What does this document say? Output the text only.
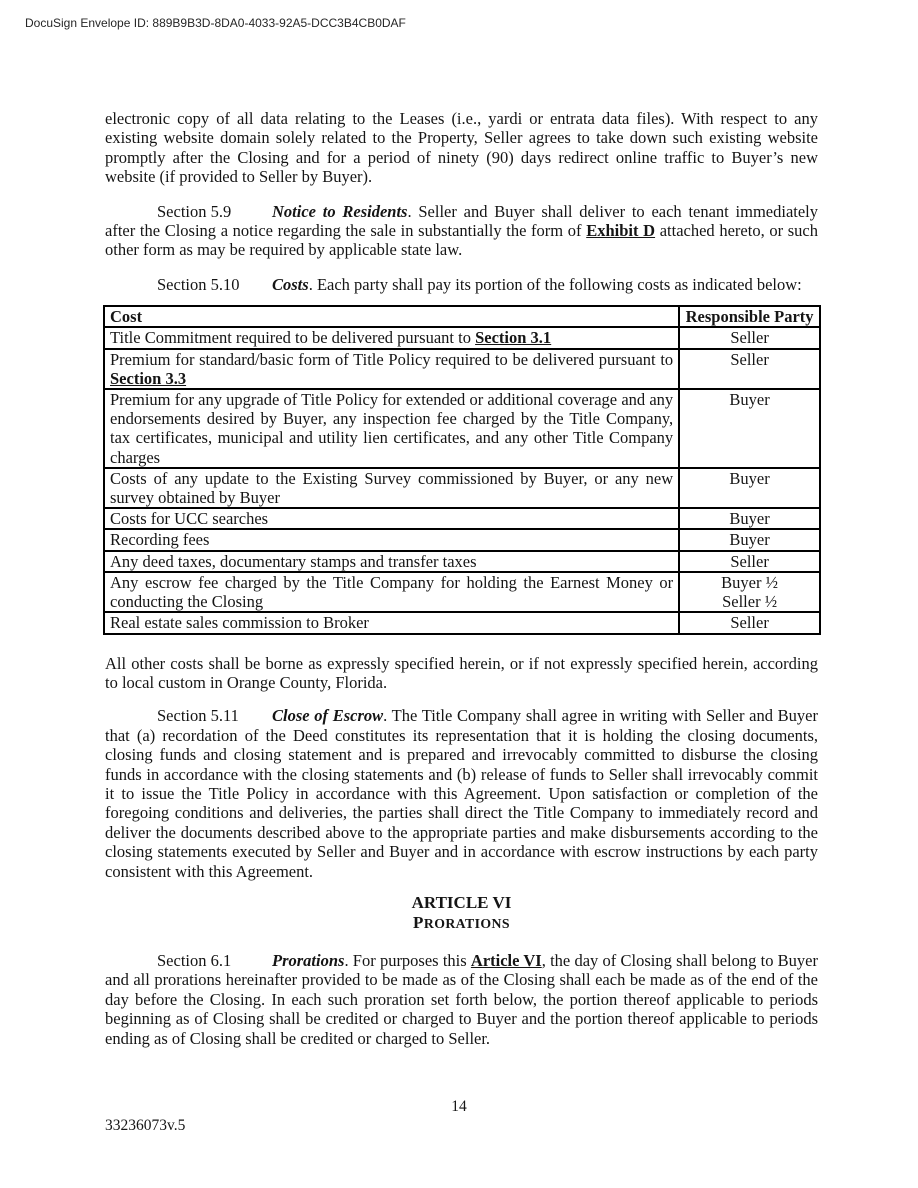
DocuSign Envelope ID: 889B9B3D-8DA0-4033-92A5-DCC3B4CB0DAF

electronic copy of all data relating to the Leases (i.e., yardi or entrata data files). With respect to any existing website domain solely related to the Property, Seller agrees to take down such existing website promptly after the Closing and for a period of ninety (90) days redirect online traffic to Buyer’s new website (if provided to Seller by Buyer).

Section 5.9 Notice to Residents. Seller and Buyer shall deliver to each tenant immediately after the Closing a notice regarding the sale in substantially the form of Exhibit D attached hereto, or such other form as may be required by applicable state law.

Section 5.10 Costs. Each party shall pay its portion of the following costs as indicated below:

Cost	Responsible Party
Title Commitment required to be delivered pursuant to Section 3.1	Seller
Premium for standard/basic form of Title Policy required to be delivered pursuant to Section 3.3	Seller
Premium for any upgrade of Title Policy for extended or additional coverage and any endorsements desired by Buyer, any inspection fee charged by the Title Company, tax certificates, municipal and utility lien certificates, and any other Title Company charges	Buyer
Costs of any update to the Existing Survey commissioned by Buyer, or any new survey obtained by Buyer	Buyer
Costs for UCC searches	Buyer
Recording fees	Buyer
Any deed taxes, documentary stamps and transfer taxes	Seller
Any escrow fee charged by the Title Company for holding the Earnest Money or conducting the Closing	Buyer ½
Seller ½

Real estate sales commission to Broker	Seller

All other costs shall be borne as expressly specified herein, or if not expressly specified herein, according to local custom in Orange County, Florida.

Section 5.11 Close of Escrow. The Title Company shall agree in writing with Seller and Buyer that (a) recordation of the Deed constitutes its representation that it is holding the closing documents, closing funds and closing statement and is prepared and irrevocably committed to disburse the closing funds in accordance with the closing statements and (b) release of funds to Seller shall irrevocably commit it to issue the Title Policy in accordance with this Agreement. Upon satisfaction or completion of the foregoing conditions and deliveries, the parties shall direct the Title Company to immediately record and deliver the documents described above to the appropriate parties and make disbursements according to the closing statements executed by Seller and Buyer and in accordance with escrow instructions by each party consistent with this Agreement.

ARTICLE VI
PRORATIONS

Section 6.1 Prorations. For purposes this Article VI, the day of Closing shall belong to Buyer and all prorations hereinafter provided to be made as of the Closing shall each be made as of the end of the day before the Closing. In each such proration set forth below, the portion thereof applicable to periods beginning as of Closing shall be credited or charged to Buyer and the portion thereof applicable to periods ending as of Closing shall be credited or charged to Seller.

14
33236073v.5
